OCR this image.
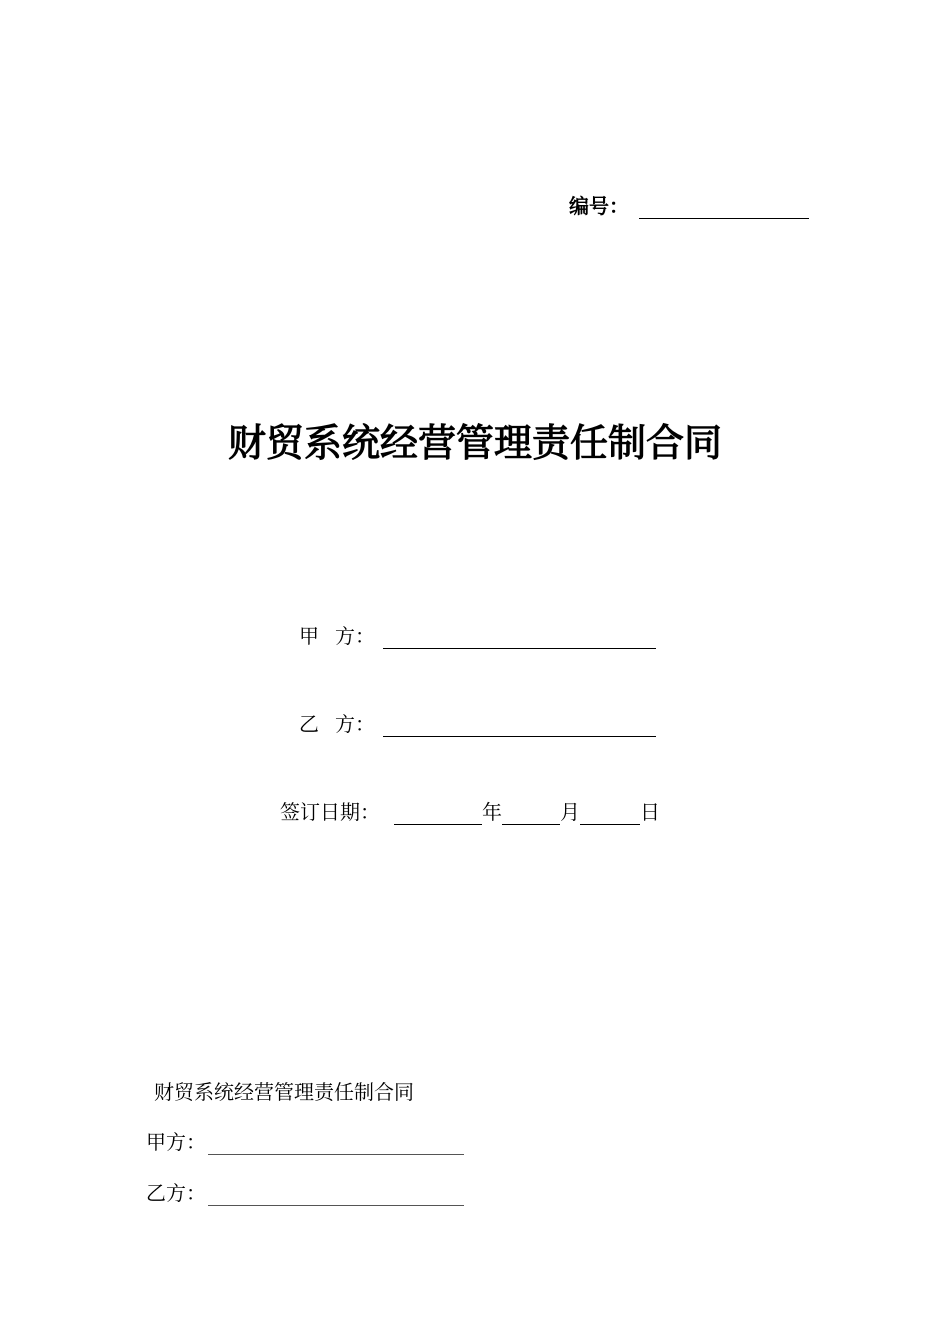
编号：
财贸系统经营管理责任制合同
甲 方：
乙 方：
签订日期：	年	月	日
财贸系统经营管理责任制合同
甲方：
乙方：
